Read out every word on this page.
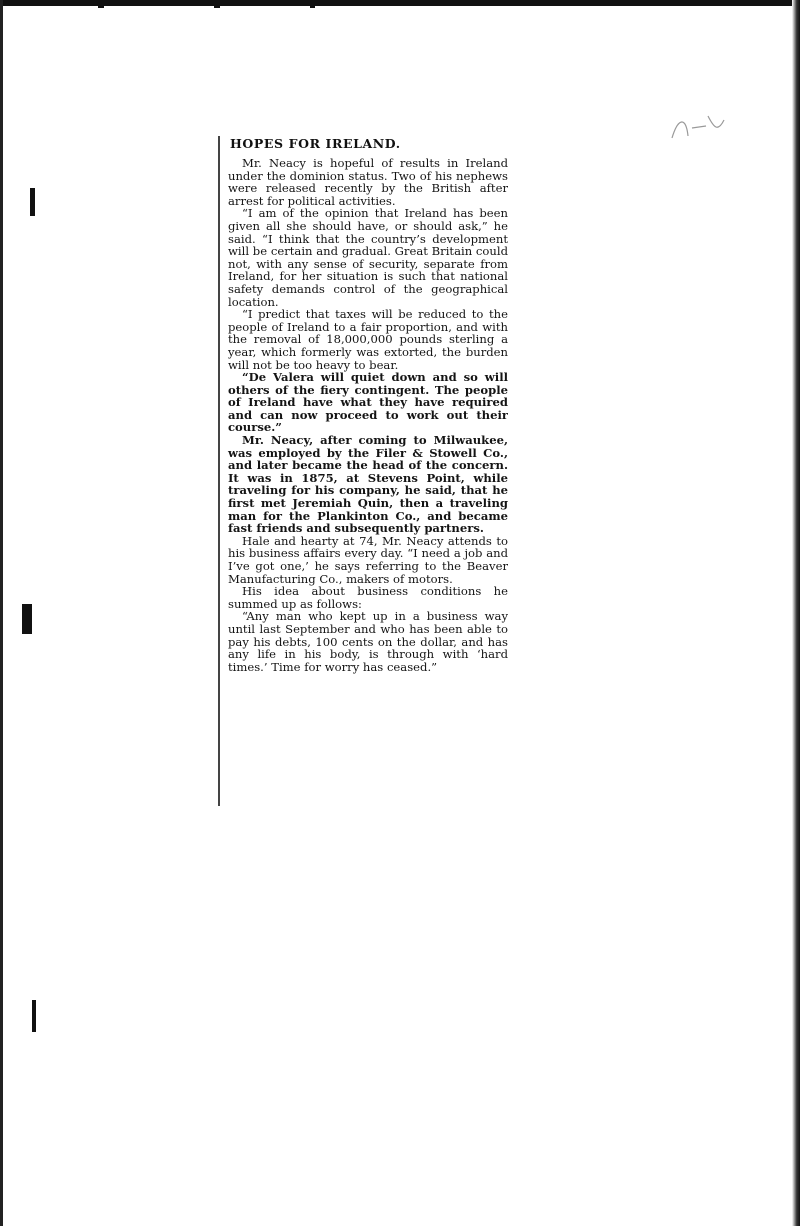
HOPES FOR IRELAND.

Mr. Neacy is hopeful of results in Ireland under the dominion status. Two of his nephews were released recently by the British after arrest for political activities.

“I am of the opinion that Ireland has been given all she should have, or should ask,” he said. “I think that the country’s development will be certain and gradual. Great Britain could not, with any sense of security, separate from Ireland, for her situation is such that national safety demands control of the geographical location.

“I predict that taxes will be reduced to the people of Ireland to a fair proportion, and with the removal of 18,000,000 pounds sterling a year, which formerly was extorted, the burden will not be too heavy to bear.

“De Valera will quiet down and so will others of the fiery contingent. The people of Ireland have what they have required and can now proceed to work out their course.”

Mr. Neacy, after coming to Milwaukee, was employed by the Filer & Stowell Co., and later became the head of the concern. It was in 1875, at Stevens Point, while traveling for his company, he said, that he first met Jeremiah Quin, then a traveling man for the Plankinton Co., and became fast friends and subsequently partners.

Hale and hearty at 74, Mr. Neacy attends to his business affairs every day. “I need a job and I’ve got one,’ he says referring to the Beaver Manufacturing Co., makers of motors.

His idea about business conditions he summed up as follows:

“Any man who kept up in a business way until last September and who has been able to pay his debts, 100 cents on the dollar, and has any life in his body, is through with ‘hard times.’ Time for worry has ceased.”
